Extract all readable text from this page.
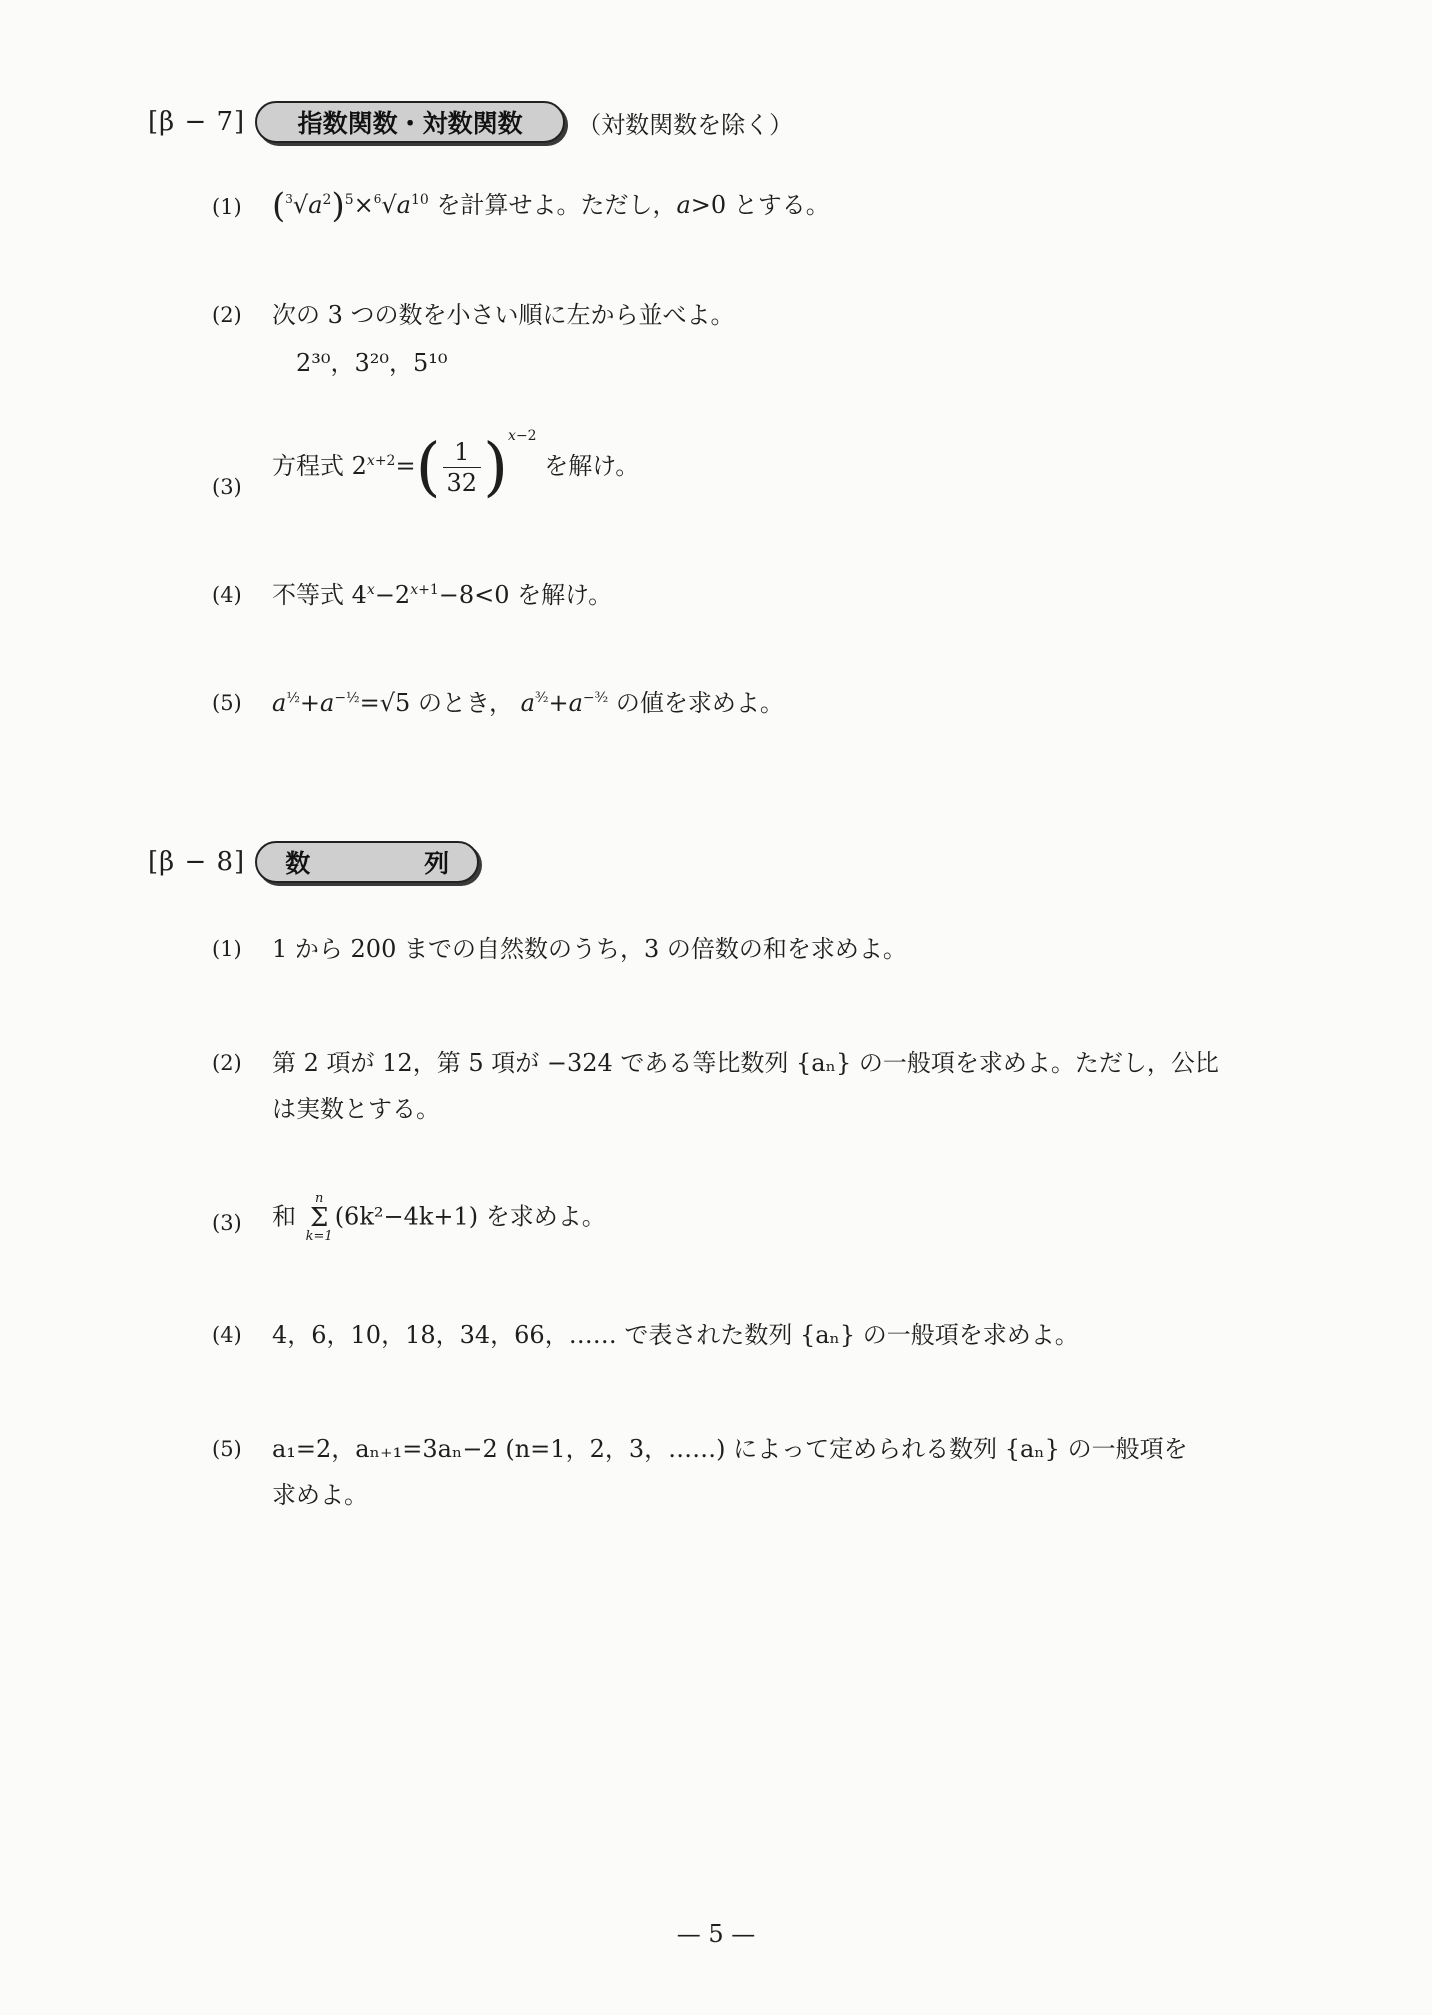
[β − 7]	指数関数・対数関数	（対数関数を除く）
(1) $(^3√a^2)^5\times^6√a^{10}$ を計算せよ。ただし，a>0 とする。
(2) 次の 3 つの数を小さい順に左から並べよ。
2³⁰，3²⁰，5¹⁰
(3)
方程式 $2^{x+2}=( \frac{1}{32} )^{x-2}$ を解け。
(4) 不等式 $4^x-2^{x+1}-8<0$ を解け。
(5) $a^{\frac{1}{2}}+a^{-\frac{1}{2}}=√5$ のとき， $a^{^3⁄_2}+a^{-^3⁄_2}$ の値を求めよ。
[β − 8] 数	列
(1) 1 から 200 までの自然数のうち，3 の倍数の和を求めよ。
(2) 第 2 項が 12，第 5 項が −324 である等比数列 {aₙ} の一般項を求めよ。ただし，公比
は実数とする。
(3) 和
n
Σ
k=1
(6k²−4k+1) を求めよ。
(4) 4，6，10，18，34，66，…… で表された数列 {aₙ} の一般項を求めよ。
(5) a₁=2，aₙ₊₁=3aₙ−2 (n=1，2，3，……) によって定められる数列 {aₙ} の一般項を
求めよ。
— 5 —
